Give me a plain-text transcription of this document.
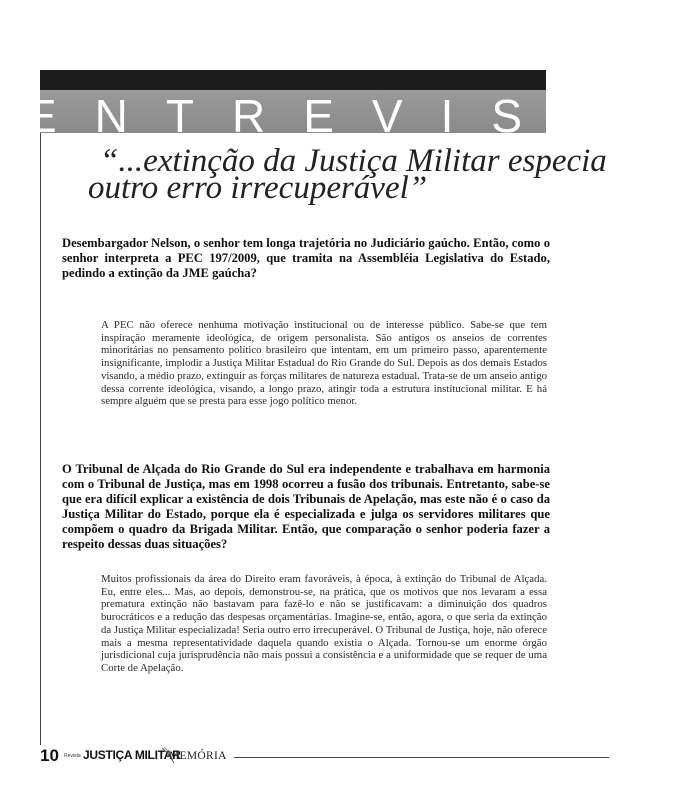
ENTREVISTA
“...extinção da Justiça Militar especia
outro erro irrecuperável”
Desembargador Nelson, o senhor tem longa trajetória no Judiciário gaúcho. Então, como o senhor interpreta a PEC 197/2009, que tramita na Assembléia Legislativa do Estado, pedindo a extinção da JME gaúcha?
A PEC não oferece nenhuma motivação institucional ou de interesse público. Sabe-se que tem inspiração meramente ideológica, de origem personalista. São antigos os anseios de correntes minoritárias no pensamento político brasileiro que intentam, em um primeiro passo, aparentemente insignificante, implodir a Justiça Militar Estadual do Rio Grande do Sul. Depois as dos demais Estados visando, a médio prazo, extinguir as forças militares de natureza estadual. Trata-se de um anseio antigo dessa corrente ideológica, visando, a longo prazo, atingir toda a estrutura institucional militar. E há sempre alguém que se presta para esse jogo político menor.
O Tribunal de Alçada do Rio Grande do Sul era independente e trabalhava em harmonia com o Tribunal de Justiça, mas em 1998 ocorreu a fusão dos tribunais. Entretanto, sabe-se que era difícil explicar a existência de dois Tribunais de Apelação, mas este não é o caso da Justiça Militar do Estado, porque ela é especializada e julga os servidores militares que compõem o quadro da Brigada Militar. Então, que comparação o senhor poderia fazer a respeito dessas duas situações?
Muitos profissionais da área do Direito eram favoráveis, à época, à extinção do Tribunal de Alçada. Eu, entre eles... Mas, ao depois, demonstrou-se, na prática, que os motivos que nos levaram a essa prematura extinção não bastavam para fazê-lo e não se justificavam: a diminuição dos quadros burocráticos e a redução das despesas orçamentárias. Imagine-se, então, agora, o que seria da extinção da Justiça Militar especializada! Seria outro erro irrecuperável. O Tribunal de Justiça, hoje, não oferece mais a mesma representatividade daquela quando existia o Alçada. Tornou-se um enorme órgão jurisdicional cuja jurisprudência não mais possui a consistência e a uniformidade que se requer de uma Corte de Apelação.
10 Revista JUSTIÇA MILITAR
MEMÓRIA
